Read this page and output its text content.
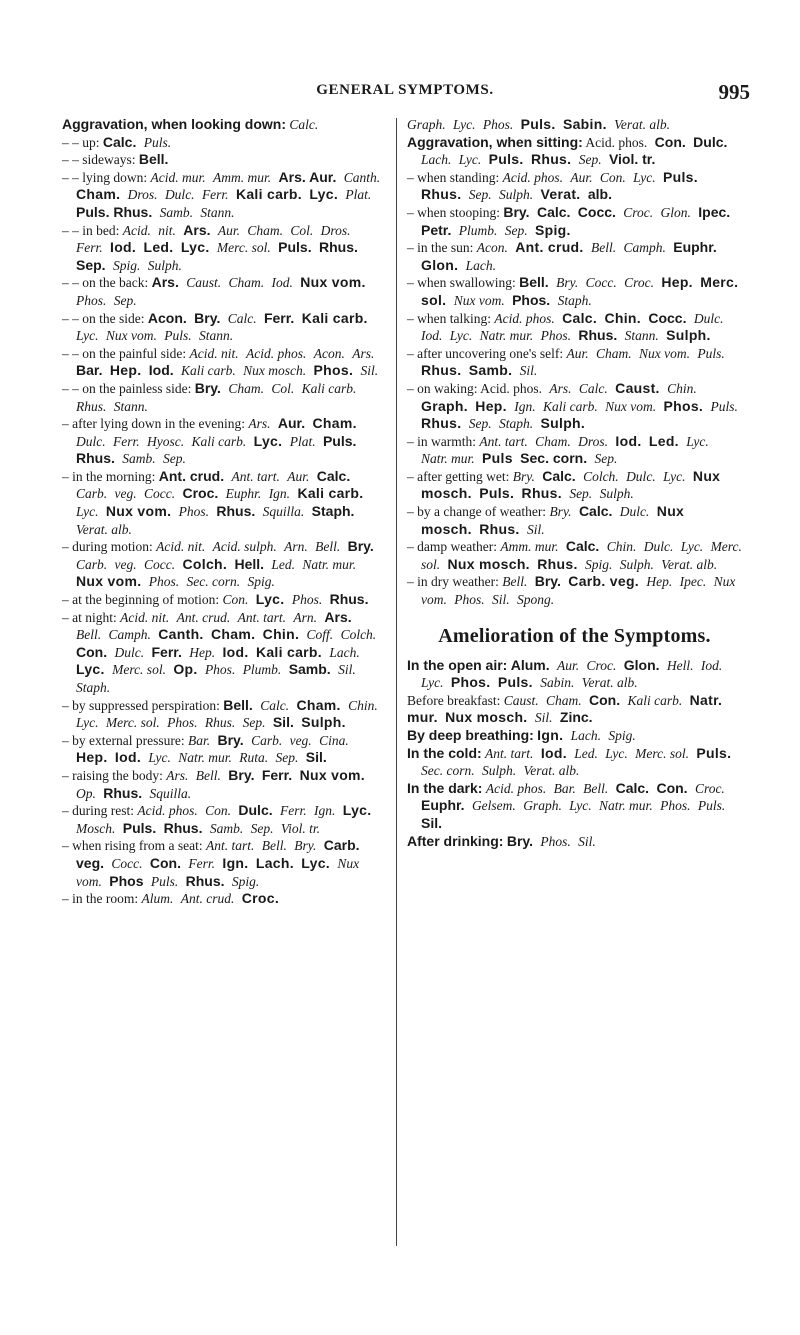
GENERAL SYMPTOMS.	995

Aggravation, when looking down: Calc.

– – up: Calc. Puls.

– – sideways: Bell.

– – lying down: Acid. mur. Amm. mur. Ars. Aur. Canth. Cham. Dros. Dulc. Ferr. Kali carb. Lyc. Plat. Puls. Rhus. Samb. Stann.

– – in bed: Acid. nit. Ars. Aur. Cham. Col. Dros. Ferr. Iod. Led. Lyc. Merc. sol. Puls. Rhus. Sep. Spig. Sulph.

– – on the back: Ars. Caust. Cham. Iod. Nux vom. Phos. Sep.

– – on the side: Acon. Bry. Calc. Ferr. Kali carb. Lyc. Nux vom. Puls. Stann.

– – on the painful side: Acid. nit. Acid. phos. Acon. Ars. Bar. Hep. Iod. Kali carb. Nux mosch. Phos. Sil.

– – on the painless side: Bry. Cham. Col. Kali carb. Rhus. Stann.

– after lying down in the evening: Ars. Aur. Cham. Dulc. Ferr. Hyosc. Kali carb. Lyc. Plat. Puls. Rhus. Samb. Sep.

– in the morning: Ant. crud. Ant. tart. Aur. Calc. Carb. veg. Cocc. Croc. Euphr. Ign. Kali carb. Lyc. Nux vom. Phos. Rhus. Squilla. Staph. Verat. alb.

– during motion: Acid. nit. Acid. sulph. Arn. Bell. Bry. Carb. veg. Cocc. Colch. Hell. Led. Natr. mur. Nux vom. Phos. Sec. corn. Spig.

– at the beginning of motion: Con. Lyc. Phos. Rhus.

– at night: Acid. nit. Ant. crud. Ant. tart. Arn. Ars. Bell. Camph. Canth. Cham. Chin. Coff. Colch. Con. Dulc. Ferr. Hep. Iod. Kali carb. Lach. Lyc. Merc. sol. Op. Phos. Plumb. Samb. Sil. Staph.

– by suppressed perspiration: Bell. Calc. Cham. Chin. Lyc. Merc. sol. Phos. Rhus. Sep. Sil. Sulph.

– by external pressure: Bar. Bry. Carb. veg. Cina. Hep. Iod. Lyc. Natr. mur. Ruta. Sep. Sil.

– raising the body: Ars. Bell. Bry. Ferr. Nux vom. Op. Rhus. Squilla.

– during rest: Acid. phos. Con. Dulc. Ferr. Ign. Lyc. Mosch. Puls. Rhus. Samb. Sep. Viol. tr.

– when rising from a seat: Ant. tart. Bell. Bry. Carb. veg. Cocc. Con. Ferr. Ign. Lach. Lyc. Nux vom. Phos Puls. Rhus. Spig.

– in the room: Alum. Ant. crud. Croc.

Graph. Lyc. Phos. Puls. Sabin. Verat. alb.

Aggravation, when sitting: Acid. phos. Con. Dulc. Lach. Lyc. Puls. Rhus. Sep. Viol. tr.

– when standing: Acid. phos. Aur. Con. Lyc. Puls. Rhus. Sep. Sulph. Verat. alb.

– when stooping: Bry. Calc. Cocc. Croc. Glon. Ipec. Petr. Plumb. Sep. Spig.

– in the sun: Acon. Ant. crud. Bell. Camph. Euphr. Glon. Lach.

– when swallowing: Bell. Bry. Cocc. Croc. Hep. Merc. sol. Nux vom. Phos. Staph.

– when talking: Acid. phos. Calc. Chin. Cocc. Dulc. Iod. Lyc. Natr. mur. Phos. Rhus. Stann. Sulph.

– after uncovering one's self: Aur. Cham. Nux vom. Puls. Rhus. Samb. Sil.

– on waking: Acid. phos. Ars. Calc. Caust. Chin. Graph. Hep. Ign. Kali carb. Nux vom. Phos. Puls. Rhus. Sep. Staph. Sulph.

– in warmth: Ant. tart. Cham. Dros. Iod. Led. Lyc. Natr. mur. Puls Sec. corn. Sep.

– after getting wet: Bry. Calc. Colch. Dulc. Lyc. Nux mosch. Puls. Rhus. Sep. Sulph.

– by a change of weather: Bry. Calc. Dulc. Nux mosch. Rhus. Sil.

– damp weather: Amm. mur. Calc. Chin. Dulc. Lyc. Merc. sol. Nux mosch. Rhus. Spig. Sulph. Verat. alb.

– in dry weather: Bell. Bry. Carb. veg. Hep. Ipec. Nux vom. Phos. Sil. Spong.

Amelioration of the Symptoms.

In the open air: Alum. Aur. Croc. Glon. Hell. Iod. Lyc. Phos. Puls. Sabin. Verat. alb.

Before breakfast: Caust. Cham. Con. Kali carb. Natr. mur. Nux mosch. Sil. Zinc.

By deep breathing: Ign. Lach. Spig.

In the cold: Ant. tart. Iod. Led. Lyc. Merc. sol. Puls. Sec. corn. Sulph. Verat. alb.

In the dark: Acid. phos. Bar. Bell. Calc. Con. Croc. Euphr. Gelsem. Graph. Lyc. Natr. mur. Phos. Puls. Sil.

After drinking: Bry. Phos. Sil.
